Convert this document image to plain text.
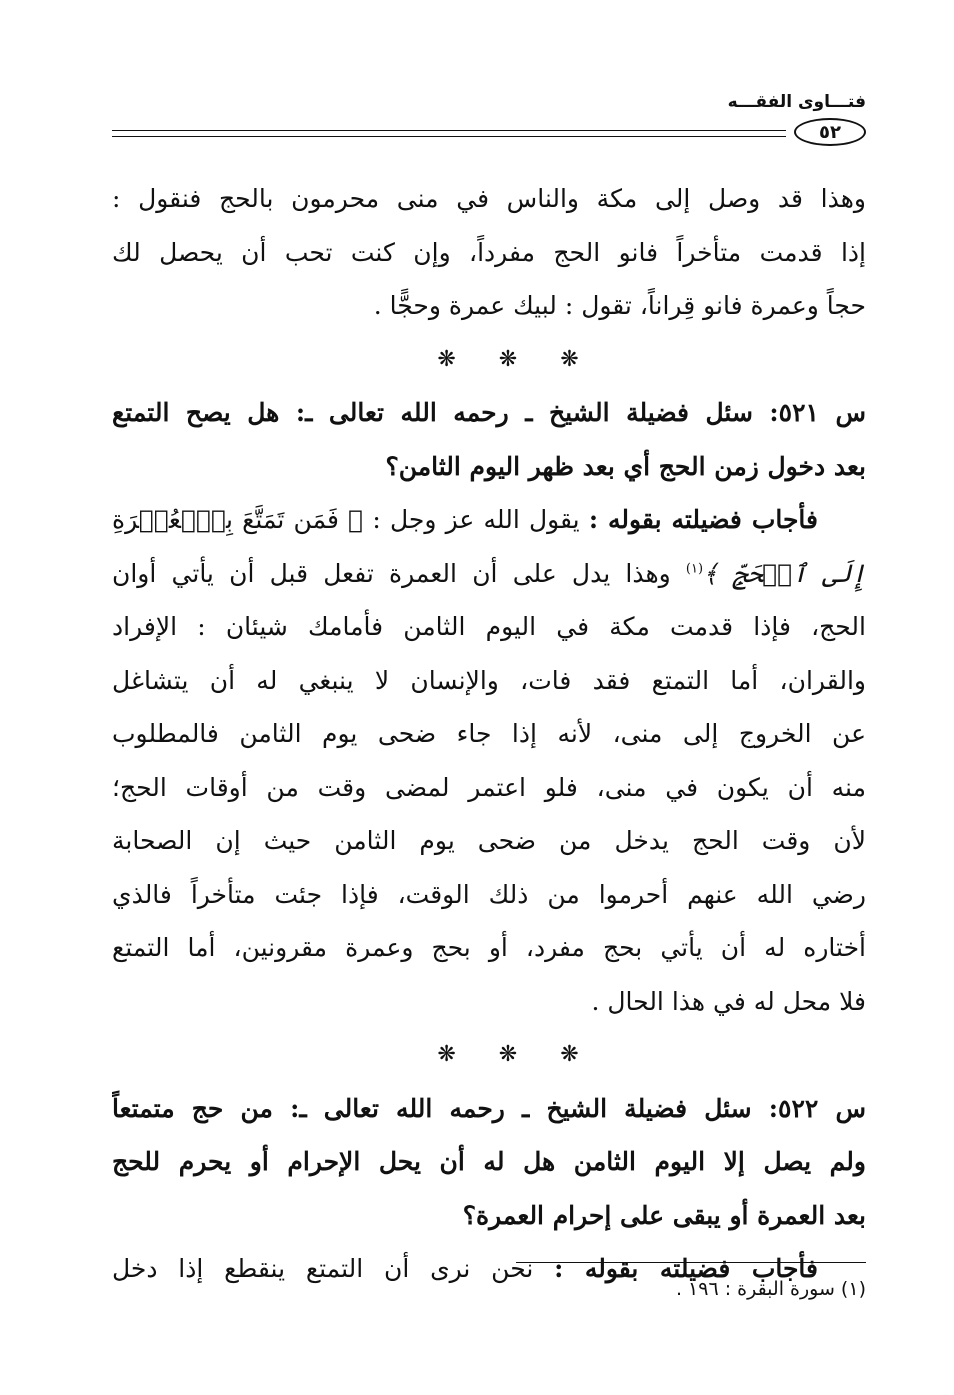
فتـــاوى الفقـــه
٥٢
وهذا قد وصل إلى مكة والناس في منى محرمون بالحج فنقول :
إذا قدمت متأخراً فانو الحج مفرداً، وإن كنت تحب أن يحصل لك
حجاً وعمرة فانو قِراناً، تقول : لبيك عمرة وحجًّا .
❋ ❋ ❋
س ٥٢١: سئل فضيلة الشيخ ـ رحمه الله تعالى ـ: هل يصح التمتع
بعد دخول زمن الحج أي بعد ظهر اليوم الثامن؟
فأجاب فضيلته بقوله : يقول الله عز وجل : ﴿ فَمَن تَمَتَّعَ بِٱلۡعُمۡرَةِ
إِلَى ٱلۡحَجِّ ﴾$^{(١)}$ وهذا يدل على أن العمرة تفعل قبل أن يأتي أوان
الحج، فإذا قدمت مكة في اليوم الثامن فأمامك شيئان : الإفراد
والقران، أما التمتع فقد فات، والإنسان لا ينبغي له أن يتشاغل
عن الخروج إلى منى، لأنه إذا جاء ضحى يوم الثامن فالمطلوب
منه أن يكون في منى، فلو اعتمر لمضى وقت من أوقات الحج؛
لأن وقت الحج يدخل من ضحى يوم الثامن حيث إن الصحابة
رضي الله عنهم أحرموا من ذلك الوقت، فإذا جئت متأخراً فالذي
أختاره له أن يأتي بحج مفرد، أو بحج وعمرة مقرونين، أما التمتع
فلا محل له في هذا الحال .
❋ ❋ ❋
س ٥٢٢: سئل فضيلة الشيخ ـ رحمه الله تعالى ـ: من حج متمتعاً
ولم يصل إلا اليوم الثامن هل له أن يحل الإحرام أو يحرم للحج
بعد العمرة أو يبقى على إحرام العمرة؟
فأجاب فضيلته بقوله : نحن نرى أن التمتع ينقطع إذا دخل
(١) سورة البقرة : ١٩٦ .
